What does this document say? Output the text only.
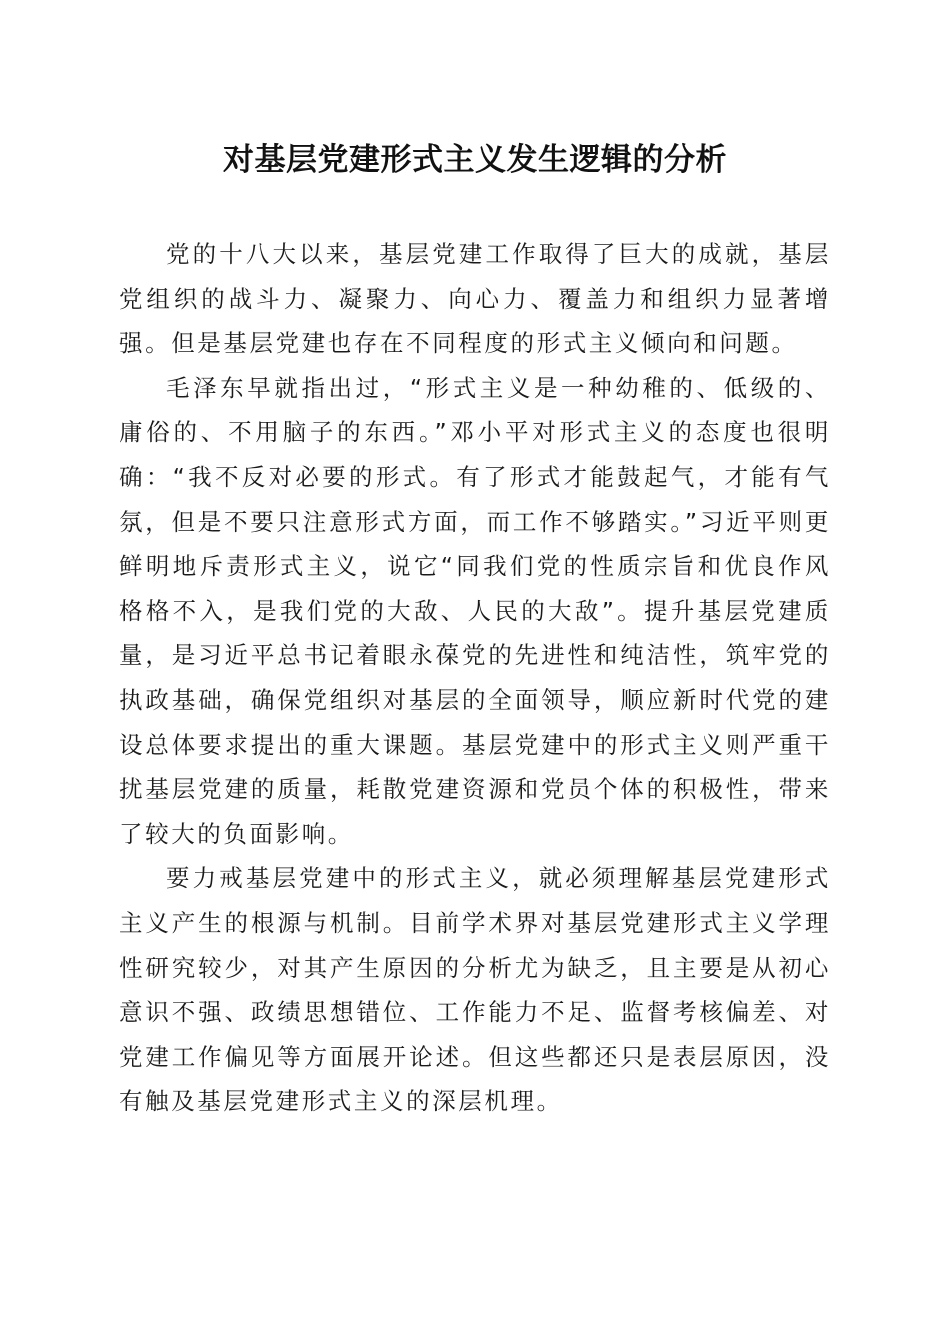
对基层党建形式主义发生逻辑的分析

党的十八大以来，基层党建工作取得了巨大的成就，基层党组织的战斗力、凝聚力、向心力、覆盖力和组织力显著增强。但是基层党建也存在不同程度的形式主义倾向和问题。

毛泽东早就指出过，“形式主义是一种幼稚的、低级的、庸俗的、不用脑子的东西。”邓小平对形式主义的态度也很明确：“我不反对必要的形式。有了形式才能鼓起气，才能有气氛，但是不要只注意形式方面，而工作不够踏实。”习近平则更鲜明地斥责形式主义，说它“同我们党的性质宗旨和优良作风格格不入，是我们党的大敌、人民的大敌”。提升基层党建质量，是习近平总书记着眼永葆党的先进性和纯洁性，筑牢党的执政基础，确保党组织对基层的全面领导，顺应新时代党的建设总体要求提出的重大课题。基层党建中的形式主义则严重干扰基层党建的质量，耗散党建资源和党员个体的积极性，带来了较大的负面影响。

要力戒基层党建中的形式主义，就必须理解基层党建形式主义产生的根源与机制。目前学术界对基层党建形式主义学理性研究较少，对其产生原因的分析尤为缺乏，且主要是从初心意识不强、政绩思想错位、工作能力不足、监督考核偏差、对党建工作偏见等方面展开论述。但这些都还只是表层原因，没有触及基层党建形式主义的深层机理。
